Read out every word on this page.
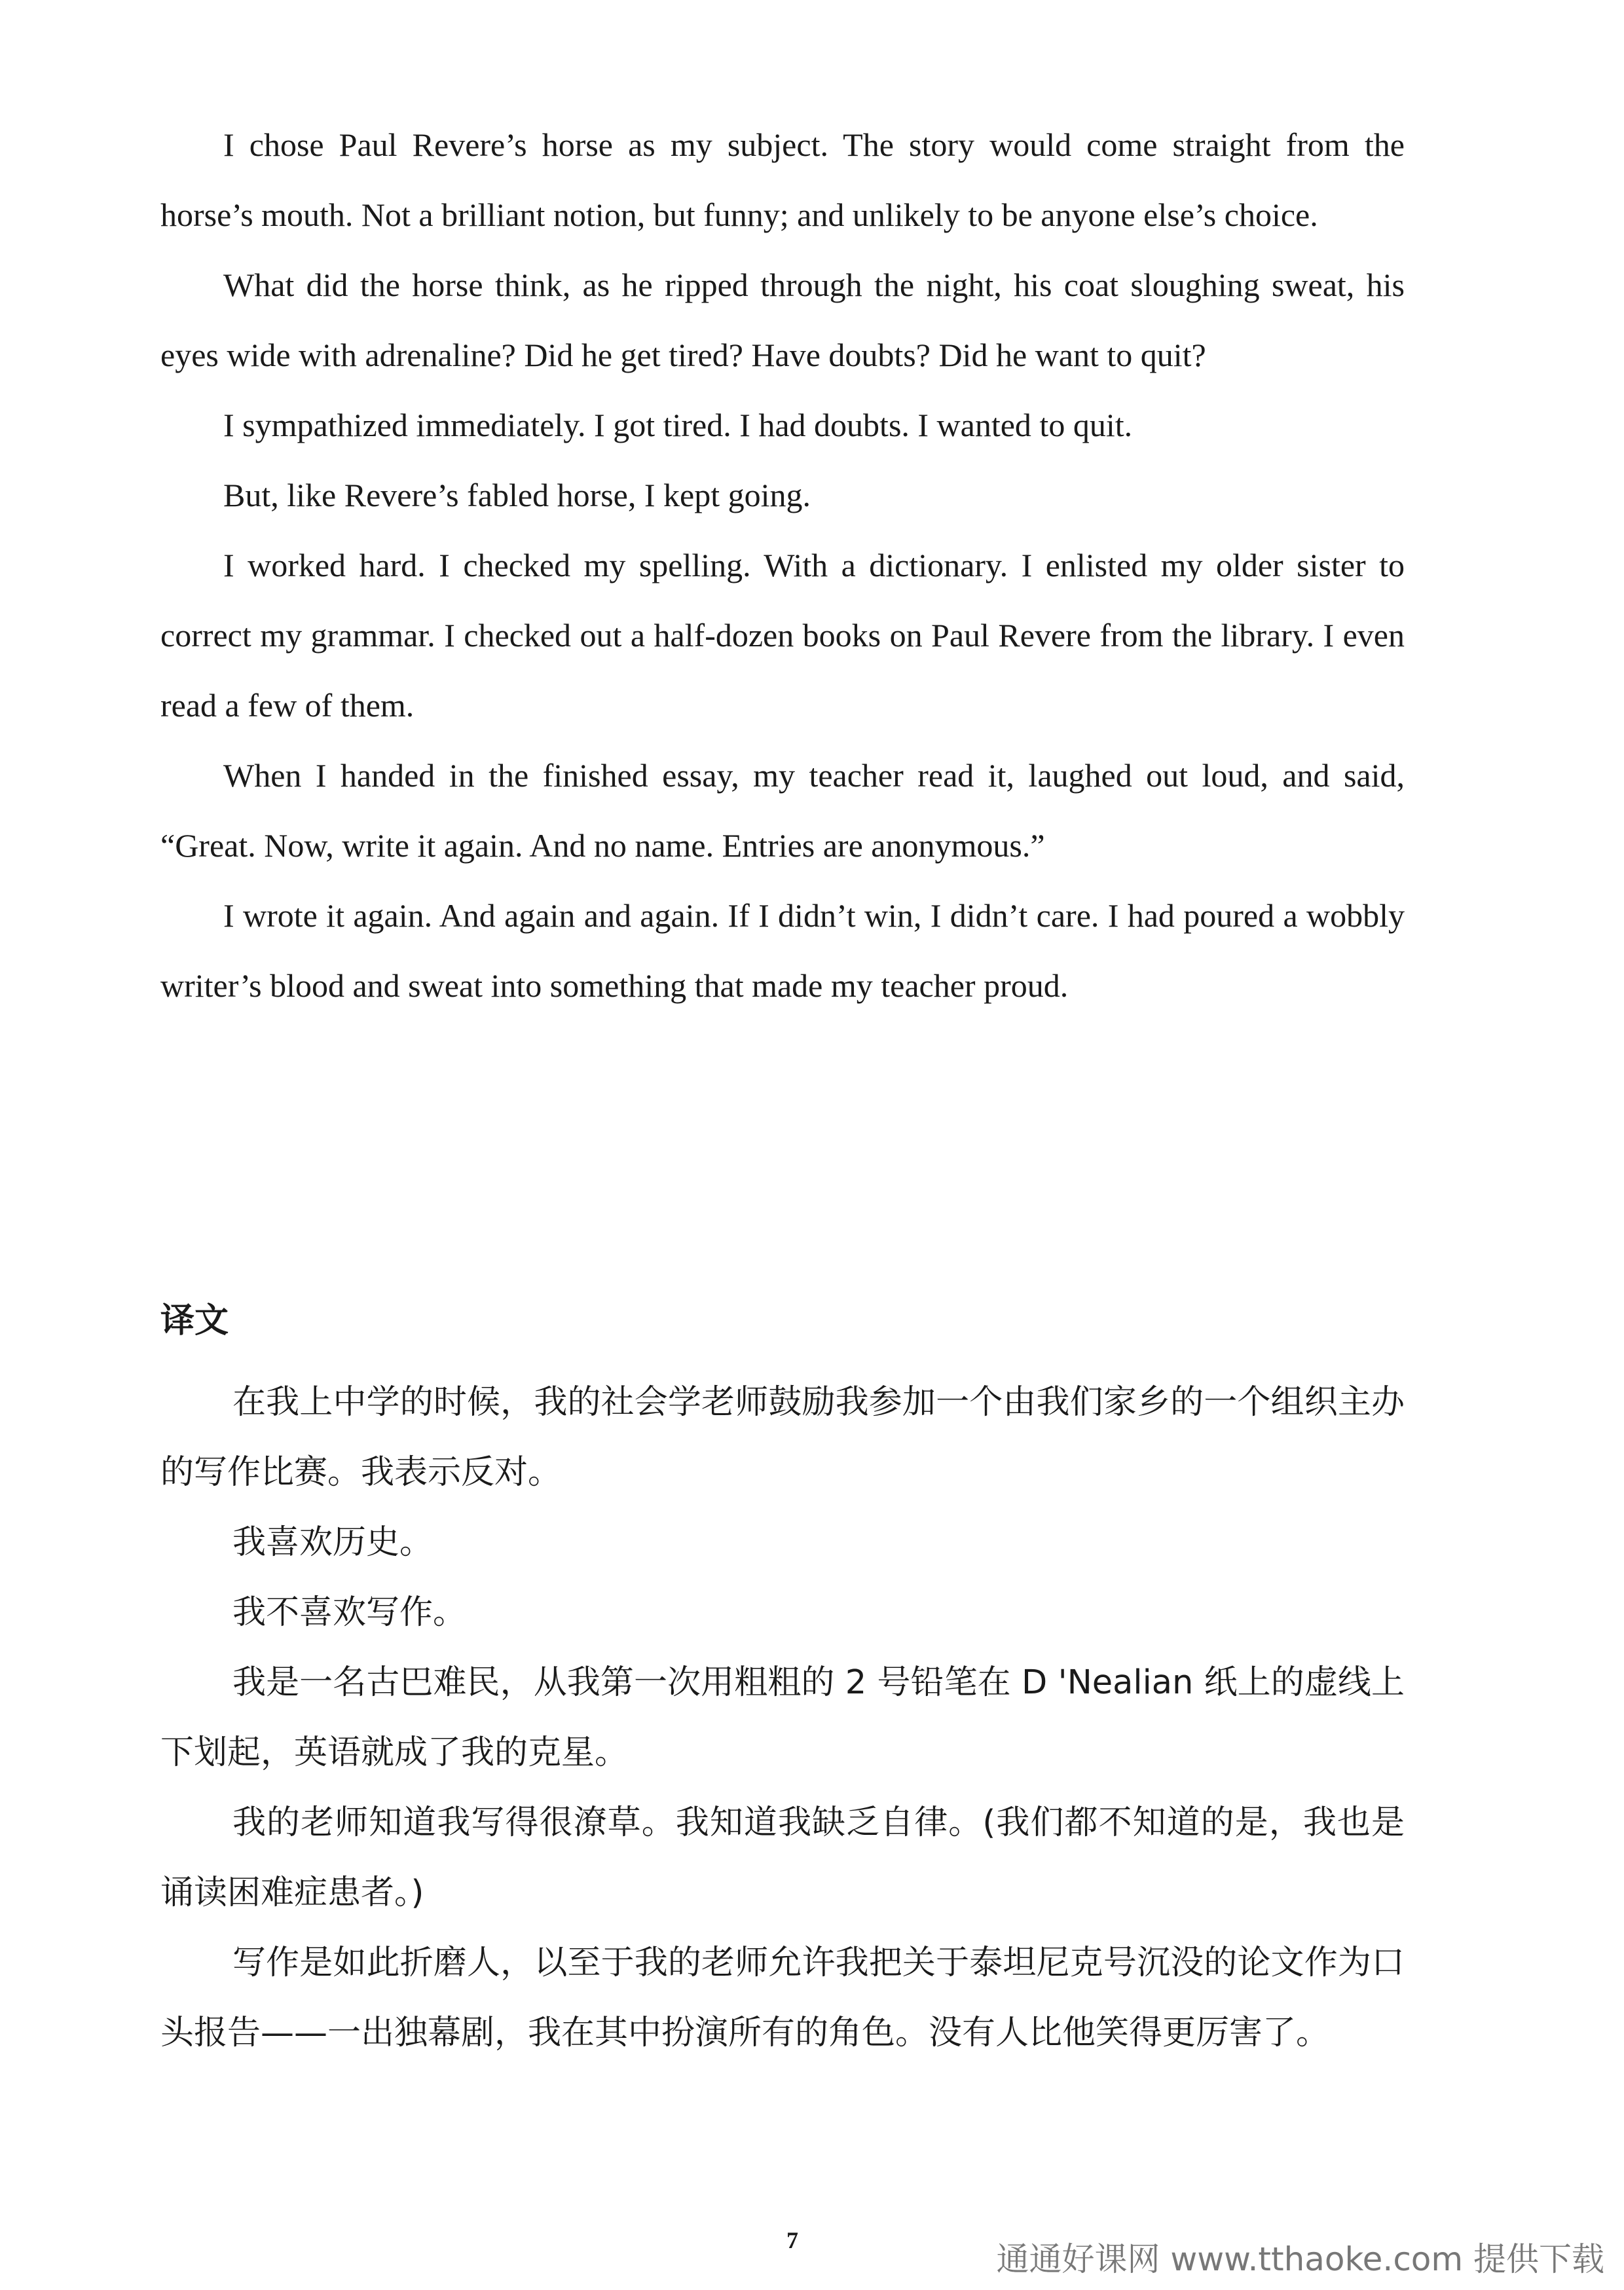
I chose Paul Revere’s horse as my subject. The story would come straight from the horse’s mouth. Not a brilliant notion, but funny; and unlikely to be anyone else’s choice.

What did the horse think, as he ripped through the night, his coat sloughing sweat, his eyes wide with adrenaline? Did he get tired? Have doubts? Did he want to quit?

I sympathized immediately. I got tired. I had doubts. I wanted to quit.

But, like Revere’s fabled horse, I kept going.

I worked hard. I checked my spelling. With a dictionary. I enlisted my older sister to correct my grammar. I checked out a half-dozen books on Paul Revere from the library. I even read a few of them.

When I handed in the finished essay, my teacher read it, laughed out loud, and said, “Great. Now, write it again. And no name. Entries are anonymous.”

I wrote it again. And again and again. If I didn’t win, I didn’t care. I had poured a wobbly writer’s blood and sweat into something that made my teacher proud.

译文

在我上中学的时候，我的社会学老师鼓励我参加一个由我们家乡的一个组织主办的写作比赛。我表示反对。

我喜欢历史。

我不喜欢写作。

我是一名古巴难民，从我第一次用粗粗的 2 号铅笔在 D 'Nealian 纸上的虚线上下划起，英语就成了我的克星。

我的老师知道我写得很潦草。我知道我缺乏自律。(我们都不知道的是，我也是诵读困难症患者。)

写作是如此折磨人，以至于我的老师允许我把关于泰坦尼克号沉没的论文作为口头报告——一出独幕剧，我在其中扮演所有的角色。没有人比他笑得更厉害了。

7	通通好课网 www.tthaoke.com 提供下载
